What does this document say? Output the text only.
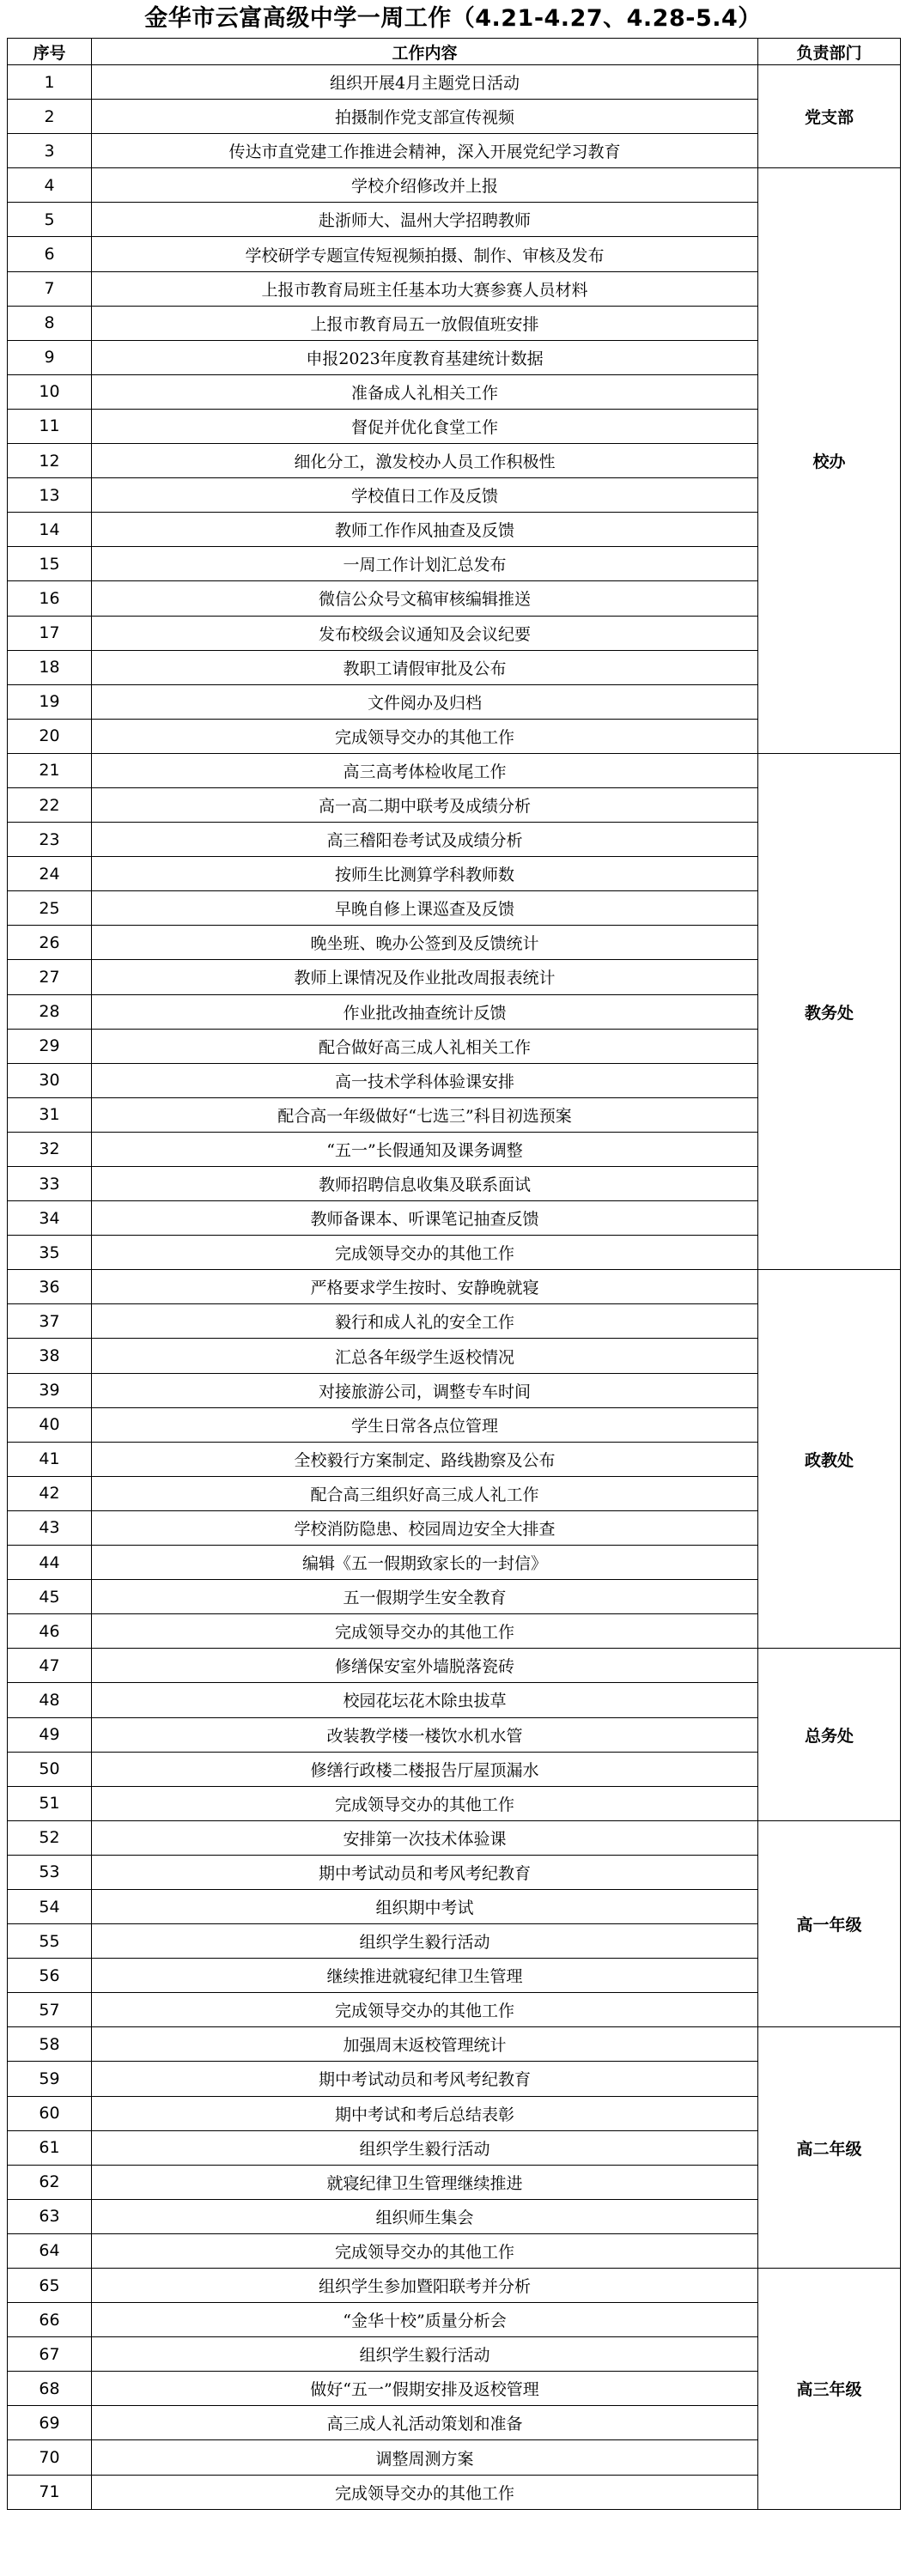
金华市云富高级中学一周工作（4.21-4.27、4.28-5.4）
序号	工作内容	负责部门
1	组织开展4月主题党日活动	党支部
2	拍摄制作党支部宣传视频	
3	传达市直党建工作推进会精神，深入开展党纪学习教育	
4	学校介绍修改并上报	校办
5	赴浙师大、温州大学招聘教师	
6	学校研学专题宣传短视频拍摄、制作、审核及发布	
7	上报市教育局班主任基本功大赛参赛人员材料	
8	上报市教育局五一放假值班安排	
9	申报2023年度教育基建统计数据	
10	准备成人礼相关工作	
11	督促并优化食堂工作	
12	细化分工，激发校办人员工作积极性	
13	学校值日工作及反馈	
14	教师工作作风抽查及反馈	
15	一周工作计划汇总发布	
16	微信公众号文稿审核编辑推送	
17	发布校级会议通知及会议纪要	
18	教职工请假审批及公布	
19	文件阅办及归档	
20	完成领导交办的其他工作	
21	高三高考体检收尾工作	教务处
22	高一高二期中联考及成绩分析	
23	高三稽阳卷考试及成绩分析	
24	按师生比测算学科教师数	
25	早晚自修上课巡查及反馈	
26	晚坐班、晚办公签到及反馈统计	
27	教师上课情况及作业批改周报表统计	
28	作业批改抽查统计反馈	
29	配合做好高三成人礼相关工作	
30	高一技术学科体验课安排	
31	配合高一年级做好“七选三”科目初选预案	
32	“五一”长假通知及课务调整	
33	教师招聘信息收集及联系面试	
34	教师备课本、听课笔记抽查反馈	
35	完成领导交办的其他工作	
36	严格要求学生按时、安静晚就寝	政教处
37	毅行和成人礼的安全工作	
38	汇总各年级学生返校情况	
39	对接旅游公司，调整专车时间	
40	学生日常各点位管理	
41	全校毅行方案制定、路线勘察及公布	
42	配合高三组织好高三成人礼工作	
43	学校消防隐患、校园周边安全大排查	
44	编辑《五一假期致家长的一封信》	
45	五一假期学生安全教育	
46	完成领导交办的其他工作	
47	修缮保安室外墙脱落瓷砖	总务处
48	校园花坛花木除虫拔草	
49	改装教学楼一楼饮水机水管	
50	修缮行政楼二楼报告厅屋顶漏水	
51	完成领导交办的其他工作	
52	安排第一次技术体验课	高一年级
53	期中考试动员和考风考纪教育	
54	组织期中考试	
55	组织学生毅行活动	
56	继续推进就寝纪律卫生管理	
57	完成领导交办的其他工作	
58	加强周末返校管理统计	高二年级
59	期中考试动员和考风考纪教育	
60	期中考试和考后总结表彰	
61	组织学生毅行活动	
62	就寝纪律卫生管理继续推进	
63	组织师生集会	
64	完成领导交办的其他工作	
65	组织学生参加暨阳联考并分析	高三年级
66	“金华十校”质量分析会	
67	组织学生毅行活动	
68	做好“五一”假期安排及返校管理	
69	高三成人礼活动策划和准备	
70	调整周测方案	
71	完成领导交办的其他工作	
